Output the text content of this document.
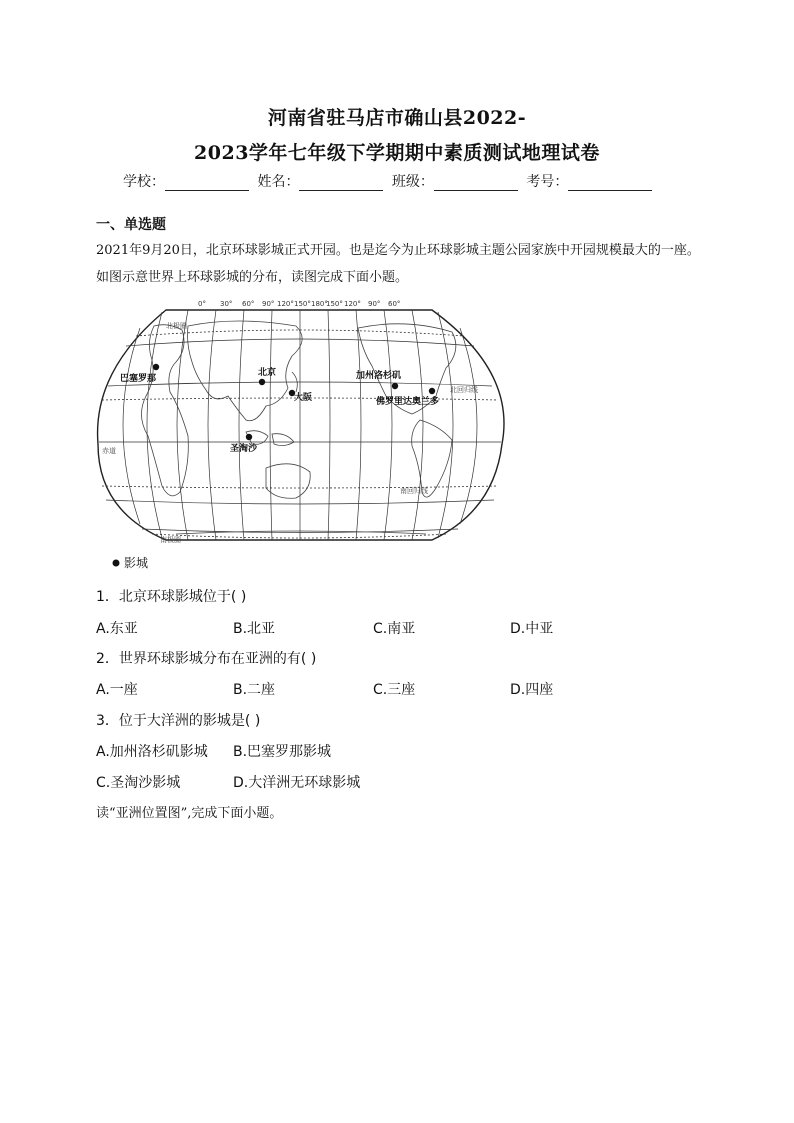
河南省驻马店市确山县2022-
2023学年七年级下学期期中素质测试地理试卷
学校：	姓名：	班级：	考号：
一、单选题
2021年9月20日，北京环球影城正式开园。也是迄今为止环球影城主题公园家族中开园规模最大的一座。如图示意世界上环球影城的分布，读图完成下面小题。
0° 30° 60° 90° 120° 150° 180°
150° 120° 90° 60°
北极圈
北回归线
赤道
南回归线
南极圈
巴塞罗那
北京
大阪
圣淘沙
加州洛杉矶
佛罗里达奥兰多
影城
1．北京环球影城位于( )
A.东亚	B.北亚	C.南亚	D.中亚
2．世界环球影城分布在亚洲的有( )
A.一座	B.二座	C.三座	D.四座
3．位于大洋洲的影城是( )
A.加州洛杉矶影城 B.巴塞罗那影城
C.圣淘沙影城	D.大洋洲无环球影城
读“亚洲位置图”,完成下面小题。
